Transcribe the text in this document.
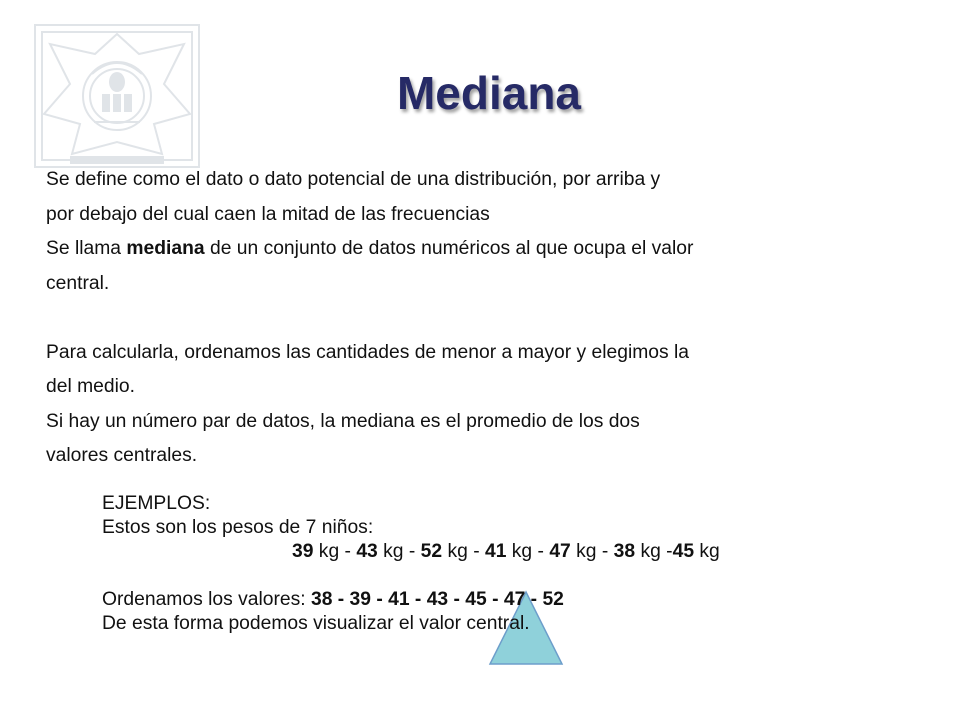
Mediana

Se define como el dato o dato potencial de una distribución, por arriba y

por debajo del cual caen la mitad de las frecuencias

Se llama mediana de un conjunto de datos numéricos al que ocupa el valor

central.

Para calcularla, ordenamos las cantidades de menor a mayor y elegimos la

del medio.

Si hay un número par de datos, la mediana es el promedio de los dos

valores centrales.

EJEMPLOS:

Estos son los pesos de 7 niños:

39 kg - 43 kg - 52 kg - 41 kg - 47 kg - 38 kg -45 kg

Ordenamos los valores: 38 - 39 - 41 - 43 - 45 - 47 - 52

De esta forma podemos visualizar el valor central.
